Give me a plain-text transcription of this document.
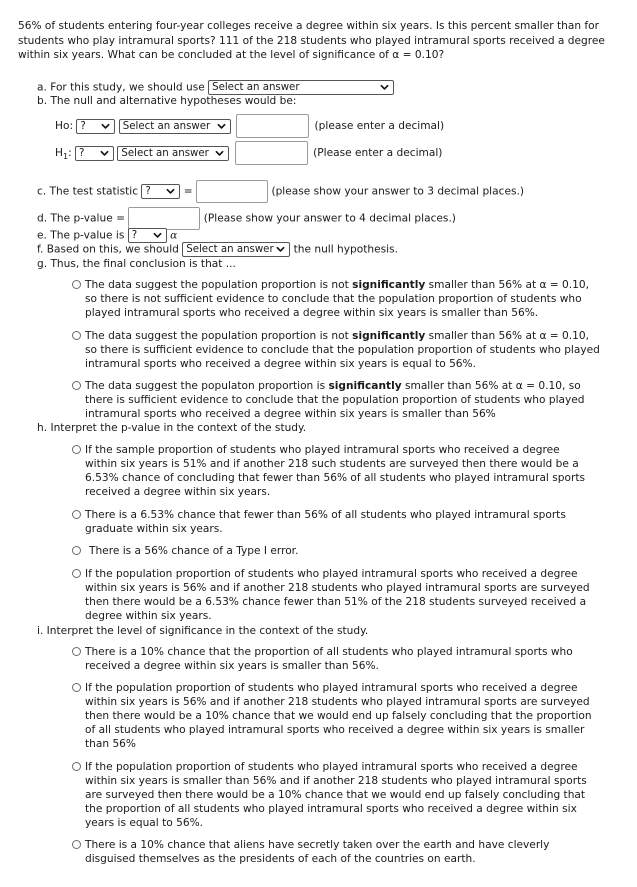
56% of students entering four-year colleges receive a degree within six years. Is this percent smaller than for students who play intramural sports? 111 of the 218 students who played intramural sports received a degree within six years. What can be concluded at the level of significance of α = 0.10?
a. For this study, we should use Select an answer
b. The null and alternative hypotheses would be:
Ho: ?	Select an answer	(please enter a decimal)
$H_1$: ?	Select an answer	(Please enter a decimal)
c. The test statistic ?	=	(please show your answer to 3 decimal places.)
d. The p-value =	(Please show your answer to 4 decimal places.)
e. The p-value is ?	α
f. Based on this, we should Select an answer the null hypothesis.
g. Thus, the final conclusion is that ...
The data suggest the population proportion is not significantly smaller than 56% at α = 0.10, so there is not sufficient evidence to conclude that the population proportion of students who played intramural sports who received a degree within six years is smaller than 56%.
The data suggest the population proportion is not significantly smaller than 56% at α = 0.10, so there is sufficient evidence to conclude that the population proportion of students who played intramural sports who received a degree within six years is equal to 56%.
The data suggest the populaton proportion is significantly smaller than 56% at α = 0.10, so there is sufficient evidence to conclude that the population proportion of students who played intramural sports who received a degree within six years is smaller than 56%
h. Interpret the p-value in the context of the study.
If the sample proportion of students who played intramural sports who received a degree within six years is 51% and if another 218 such students are surveyed then there would be a 6.53% chance of concluding that fewer than 56% of all students who played intramural sports received a degree within six years.
There is a 6.53% chance that fewer than 56% of all students who played intramural sports graduate within six years.
There is a 56% chance of a Type I error.
If the population proportion of students who played intramural sports who received a degree within six years is 56% and if another 218 students who played intramural sports are surveyed then there would be a 6.53% chance fewer than 51% of the 218 students surveyed received a degree within six years.
i. Interpret the level of significance in the context of the study.
There is a 10% chance that the proportion of all students who played intramural sports who received a degree within six years is smaller than 56%.
If the population proportion of students who played intramural sports who received a degree within six years is 56% and if another 218 students who played intramural sports are surveyed then there would be a 10% chance that we would end up falsely concluding that the proportion of all students who played intramural sports who received a degree within six years is smaller than 56%
If the population proportion of students who played intramural sports who received a degree within six years is smaller than 56% and if another 218 students who played intramural sports are surveyed then there would be a 10% chance that we would end up falsely concluding that the proportion of all students who played intramural sports who received a degree within six years is equal to 56%.
There is a 10% chance that aliens have secretly taken over the earth and have cleverly disguised themselves as the presidents of each of the countries on earth.
